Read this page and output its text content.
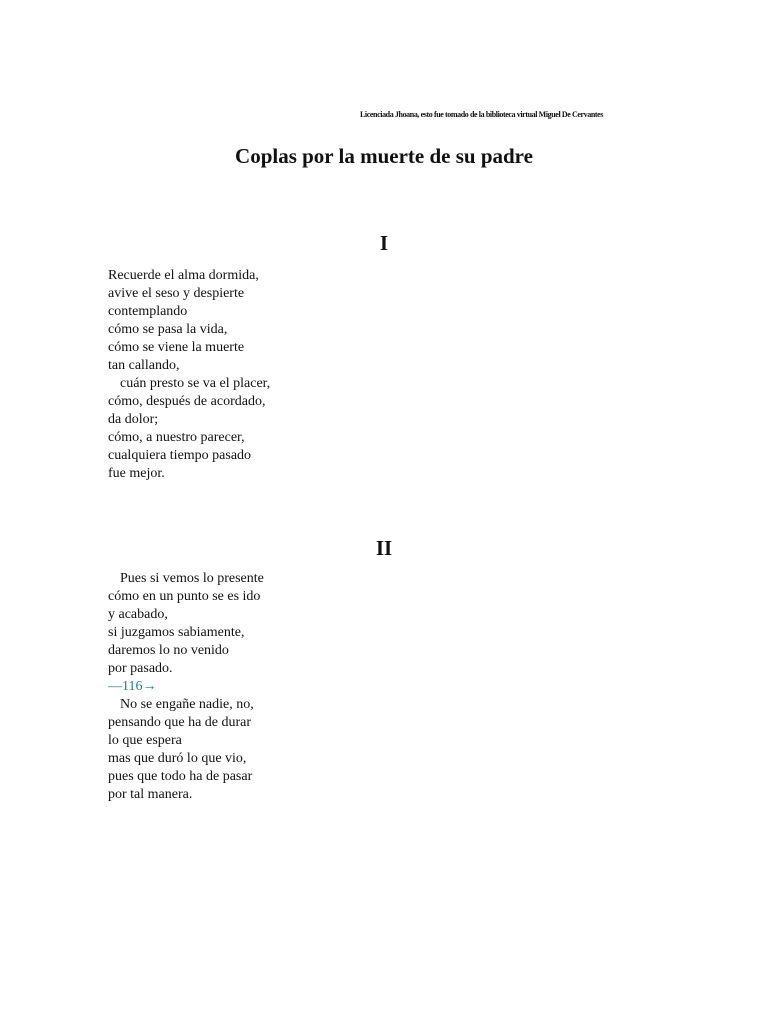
Licenciada Jhoana, esto fue tomado de la biblioteca virtual Miguel De Cervantes
Coplas por la muerte de su padre
I
Recuerde el alma dormida,
avive el seso y despierte
contemplando
cómo se pasa la vida,
cómo se viene la muerte
tan callando,
cuán presto se va el placer,
cómo, después de acordado,
da dolor;
cómo, a nuestro parecer,
cualquiera tiempo pasado
fue mejor.
II
Pues si vemos lo presente
cómo en un punto se es ido
y acabado,
si juzgamos sabiamente,
daremos lo no venido
por pasado.
—116→
No se engañe nadie, no,
pensando que ha de durar
lo que espera
mas que duró lo que vio,
pues que todo ha de pasar
por tal manera.
